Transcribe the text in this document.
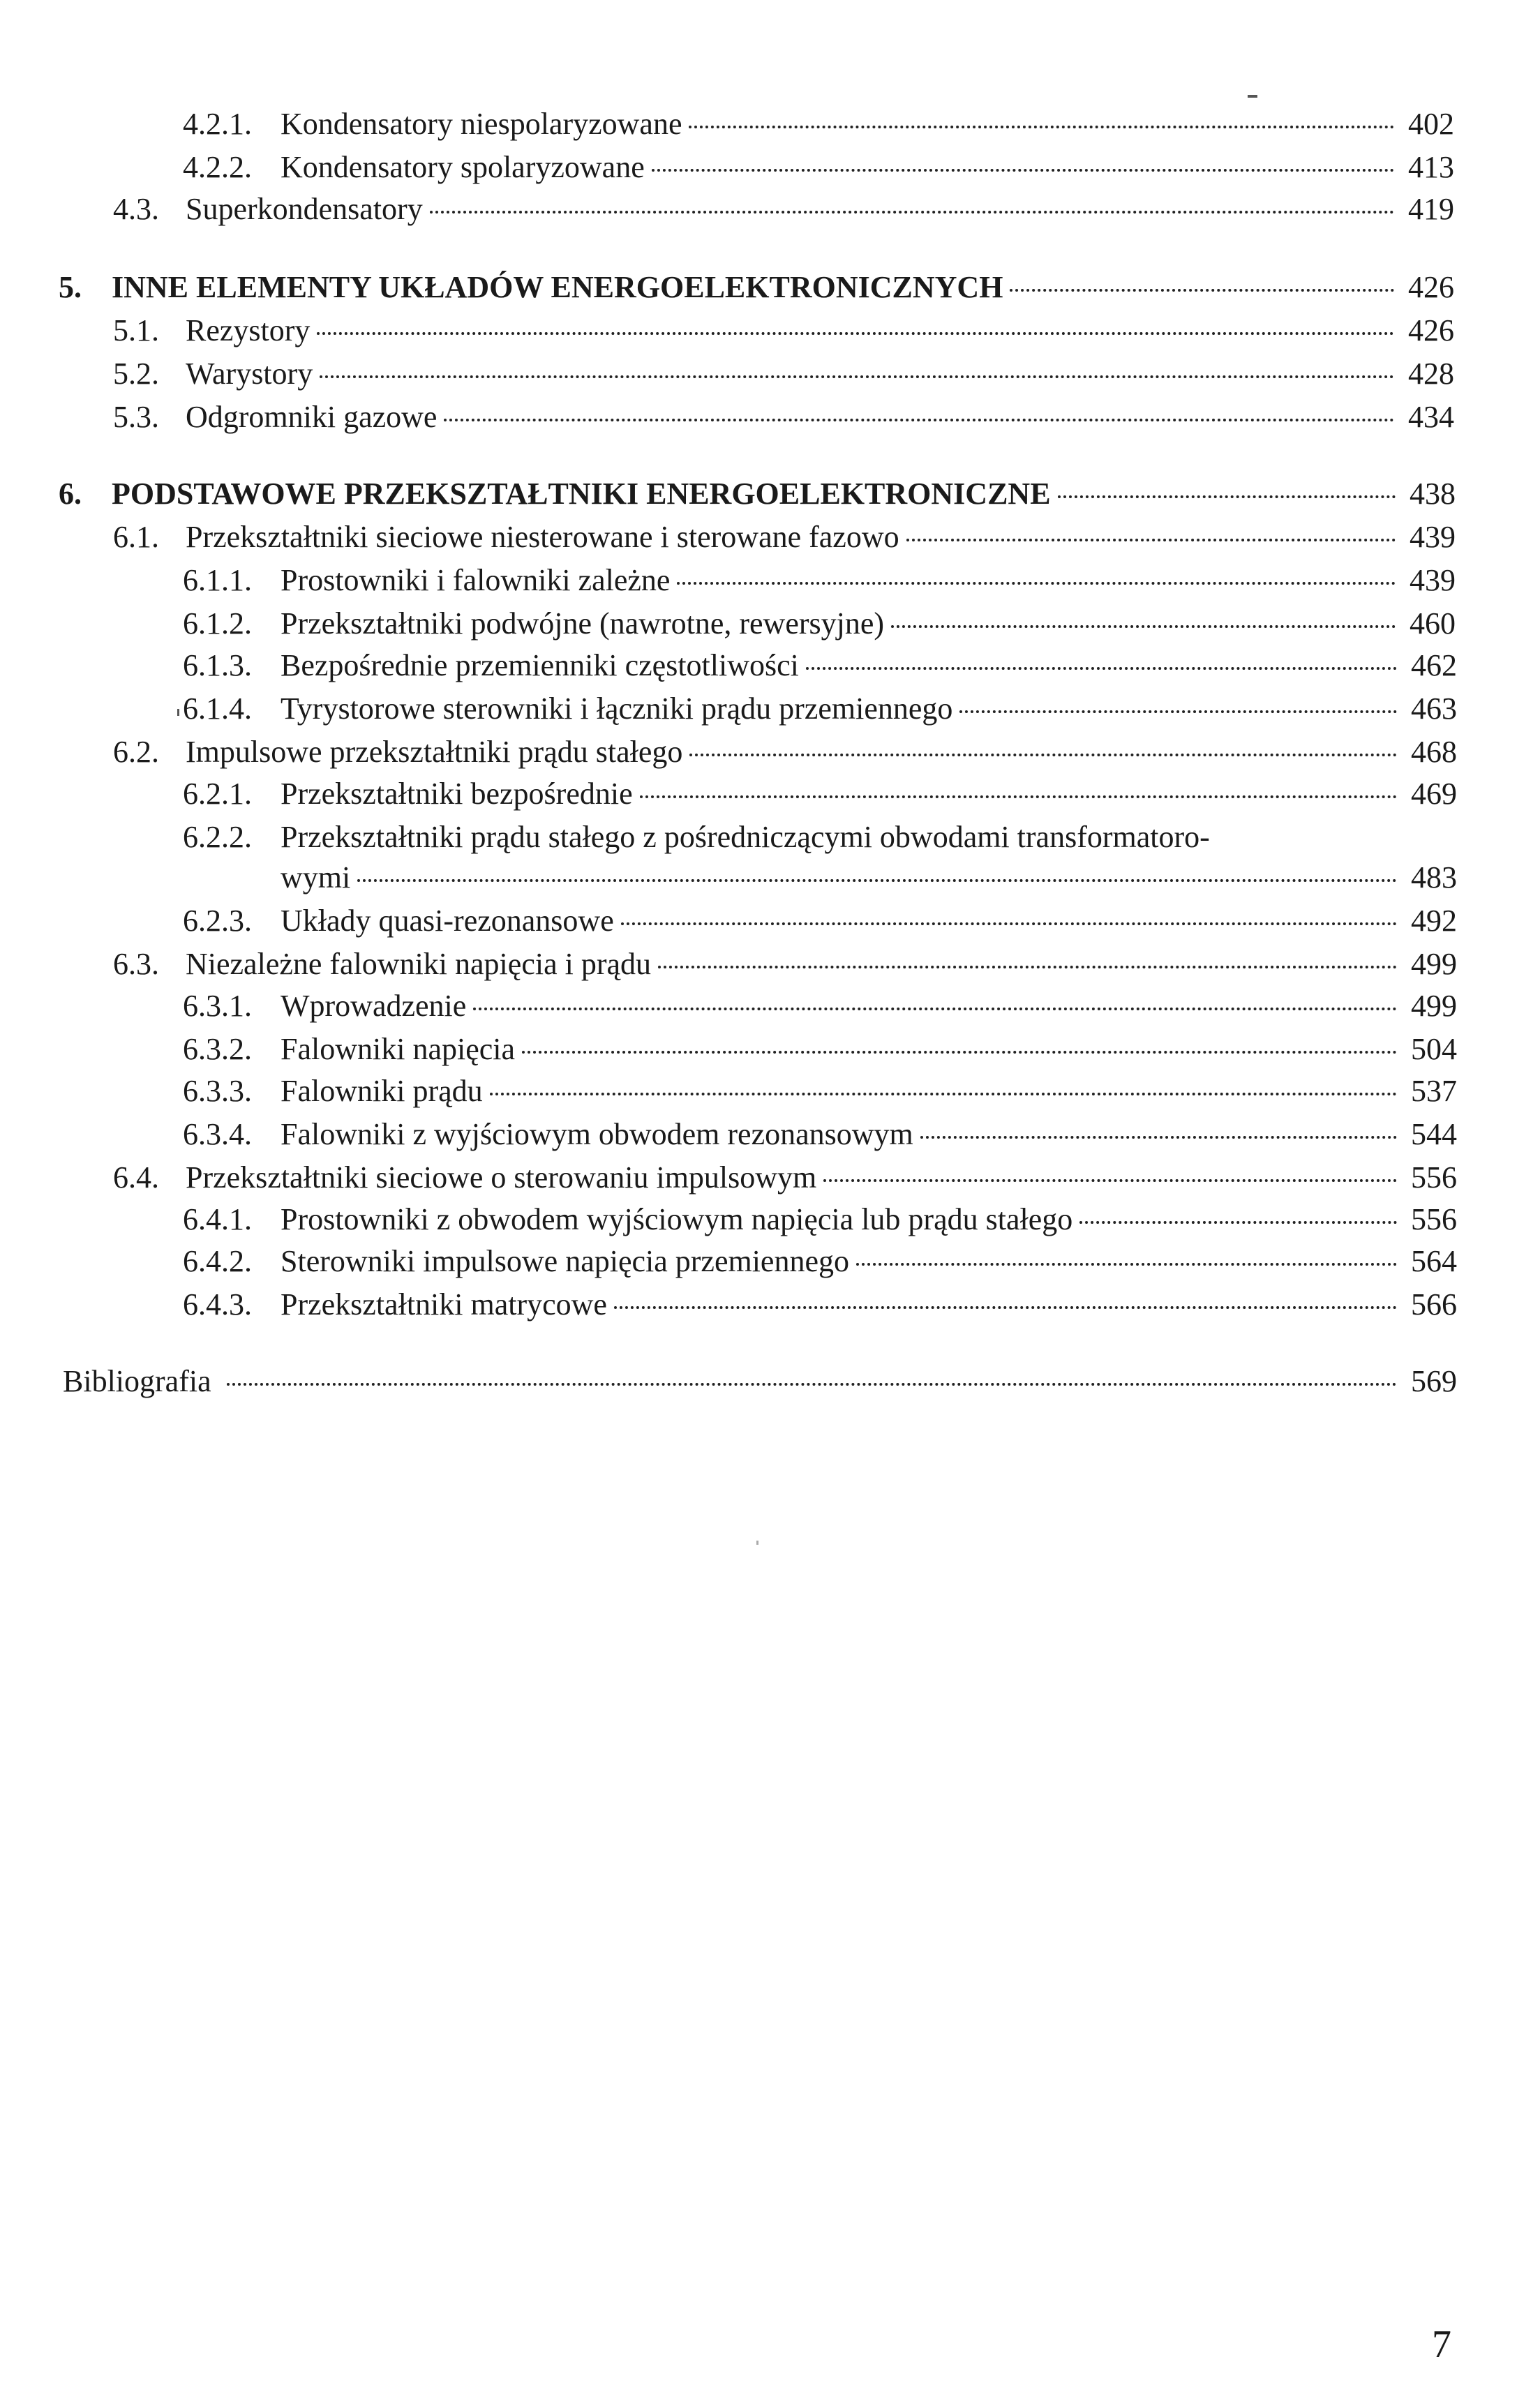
4.2.1. Kondensatory niespolaryzowane	402
4.2.2. Kondensatory spolaryzowane	413
4.3. Superkondensatory	419
5. INNE ELEMENTY UKŁADÓW ENERGOELEKTRONICZNYCH	426
5.1. Rezystory	426
5.2. Warystory	428
5.3. Odgromniki gazowe	434
6. PODSTAWOWE PRZEKSZTAŁTNIKI ENERGOELEKTRONICZNE	438
6.1. Przekształtniki sieciowe niesterowane i sterowane fazowo	439
6.1.1. Prostowniki i falowniki zależne	439
6.1.2. Przekształtniki podwójne (nawrotne, rewersyjne)	460
6.1.3. Bezpośrednie przemienniki częstotliwości	462
6.1.4. Tyrystorowe sterowniki i łączniki prądu przemiennego	463
6.2. Impulsowe przekształtniki prądu stałego	468
6.2.1. Przekształtniki bezpośrednie	469
6.2.2. Przekształtniki prądu stałego z pośredniczącymi obwodami transformatoro-
wymi	483
6.2.3. Układy quasi-rezonansowe	492
6.3. Niezależne falowniki napięcia i prądu	499
6.3.1. Wprowadzenie	499
6.3.2. Falowniki napięcia	504
6.3.3. Falowniki prądu	537
6.3.4. Falowniki z wyjściowym obwodem rezonansowym	544
6.4. Przekształtniki sieciowe o sterowaniu impulsowym	556
6.4.1. Prostowniki z obwodem wyjściowym napięcia lub prądu stałego	556
6.4.2. Sterowniki impulsowe napięcia przemiennego	564
6.4.3. Przekształtniki matrycowe	566
Bibliografia	569
7
